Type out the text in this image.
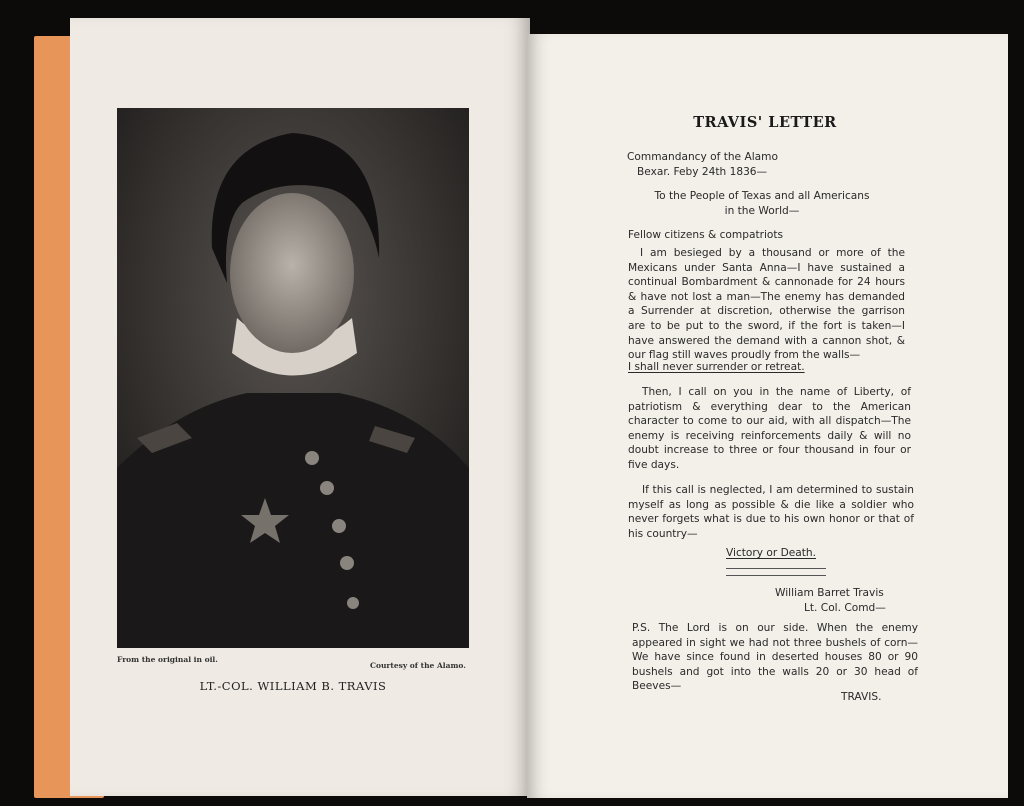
From the original in oil.
Courtesy of the Alamo.
LT.-COL. WILLIAM B. TRAVIS
TRAVIS' LETTER
Commandancy of the Alamo
Bexar. Feby 24th 1836—
To the People of Texas and all Americans
in the World—
Fellow citizens & compatriots

I am besieged by a thousand or more of the Mexicans under Santa Anna—I have sustained a continual Bombardment & cannonade for 24 hours & have not lost a man—The enemy has demanded a Surrender at discretion, otherwise the garrison are to be put to the sword, if the fort is taken—I have answered the demand with a cannon shot, & our flag still waves proudly from the walls—

I shall never surrender or retreat.

Then, I call on you in the name of Liberty, of patriotism & everything dear to the American character to come to our aid, with all dispatch—The enemy is receiving reinforcements daily & will no doubt increase to three or four thousand in four or five days.

If this call is neglected, I am determined to sustain myself as long as possible & die like a soldier who never forgets what is due to his own honor or that of his country—

Victory or Death.
William Barret Travis
Lt. Col. Comd—

P.S. The Lord is on our side. When the enemy appeared in sight we had not three bushels of corn—We have since found in deserted houses 80 or 90 bushels and got into the walls 20 or 30 head of Beeves—

TRAVIS.
